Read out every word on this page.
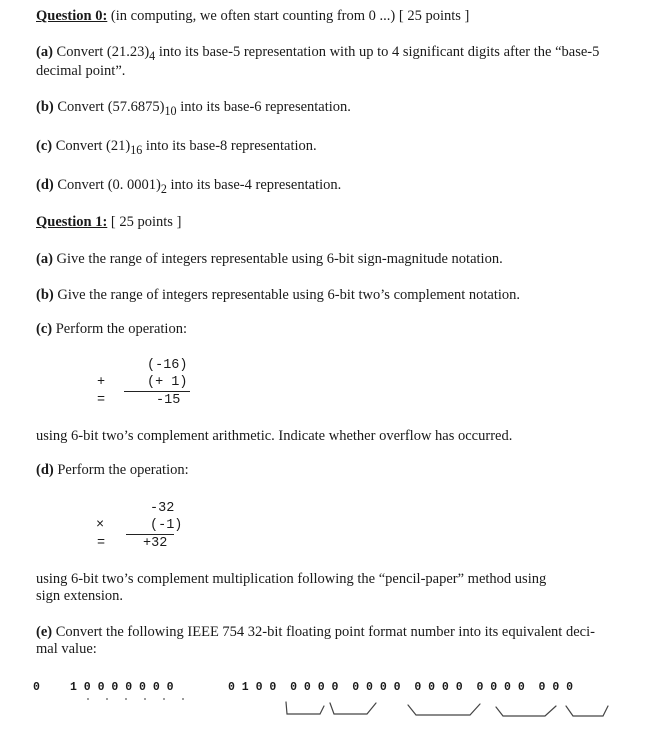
Question 0: (in computing, we often start counting from 0 ...) [ 25 points ]
(a) Convert $(21.23)_4$ into its base-5 representation with up to 4 significant digits after the “base-5
decimal point”.
(b) Convert $(57.6875)_{10}$ into its base-6 representation.
(c) Convert $(21)_{16}$ into its base-8 representation.
(d) Convert (0. $0001)_2$ into its base-4 representation.
Question 1: [ 25 points ]
(a) Give the range of integers representable using 6-bit sign-magnitude notation.
(b) Give the range of integers representable using 6-bit two’s complement notation.
(c) Perform the operation:
(-16)
+	(+ 1)
=	-15
using 6-bit two’s complement arithmetic. Indicate whether overflow has occurred.
(d) Perform the operation:
-32
×	(-1)
=	+32
using 6-bit two’s complement multiplication following the “pencil-paper” method using
sign extension.
(e) Convert the following IEEE 754 32-bit floating point format number into its equivalent deci-
mal value:
0	1 0 0 0 0 0 0 0	0 1 0 0  0 0 0 0  0 0 0 0  0 0 0 0  0 0 0 0  0 0 0
